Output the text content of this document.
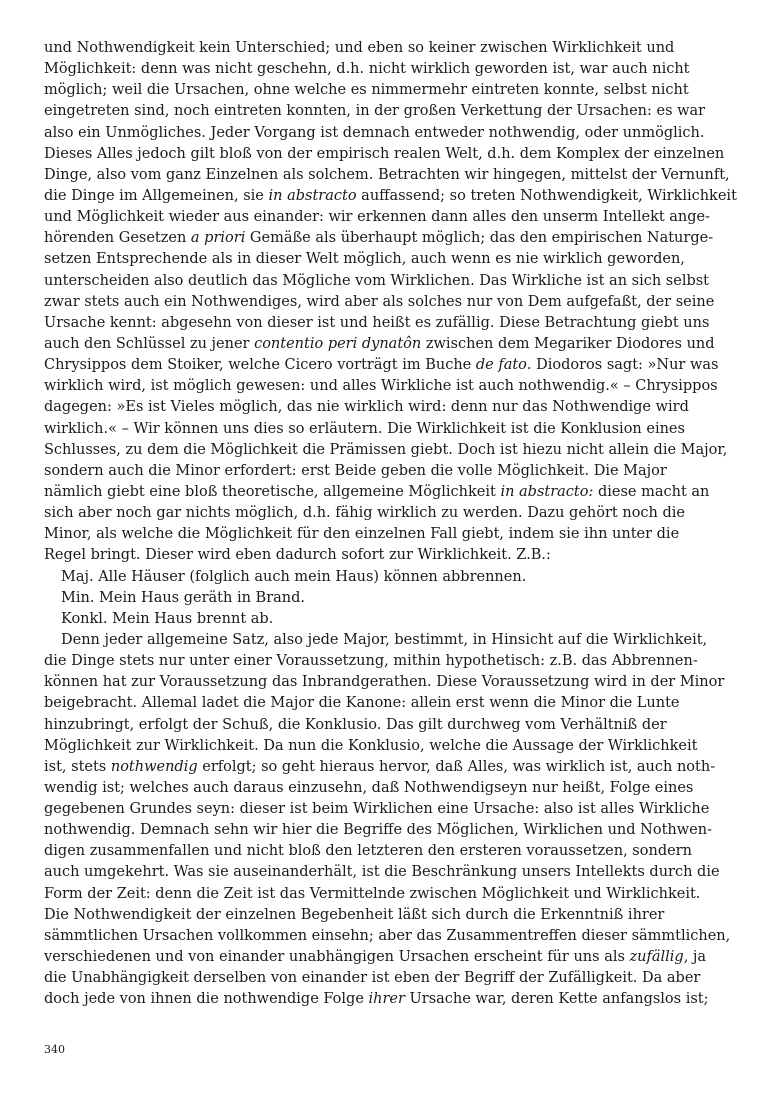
und Nothwendigkeit kein Unterschied; und eben so keiner zwischen Wirklichkeit und
Möglichkeit: denn was nicht geschehn, d.h. nicht wirklich geworden ist, war auch nicht
möglich; weil die Ursachen, ohne welche es nimmermehr eintreten konnte, selbst nicht
eingetreten sind, noch eintreten konnten, in der großen Verkettung der Ursachen: es war
also ein Unmögliches. Jeder Vorgang ist demnach entweder nothwendig, oder unmöglich.
Dieses Alles jedoch gilt bloß von der empirisch realen Welt, d.h. dem Komplex der einzelnen
Dinge, also vom ganz Einzelnen als solchem. Betrachten wir hingegen, mittelst der Vernunft,
die Dinge im Allgemeinen, sie in abstracto auffassend; so treten Nothwendigkeit, Wirklichkeit
und Möglichkeit wieder aus einander: wir erkennen dann alles den unserm Intellekt ange-
hörenden Gesetzen a priori Gemäße als überhaupt möglich; das den empirischen Naturge-
setzen Entsprechende als in dieser Welt möglich, auch wenn es nie wirklich geworden,
unterscheiden also deutlich das Mögliche vom Wirklichen. Das Wirkliche ist an sich selbst
zwar stets auch ein Nothwendiges, wird aber als solches nur von Dem aufgefaßt, der seine
Ursache kennt: abgesehn von dieser ist und heißt es zufällig. Diese Betrachtung giebt uns
auch den Schlüssel zu jener contentio peri dynatôn zwischen dem Megariker Diodores und
Chrysippos dem Stoiker, welche Cicero vorträgt im Buche de fato. Diodoros sagt: »Nur was
wirklich wird, ist möglich gewesen: und alles Wirkliche ist auch nothwendig.« – Chrysippos
dagegen: »Es ist Vieles möglich, das nie wirklich wird: denn nur das Nothwendige wird
wirklich.« – Wir können uns dies so erläutern. Die Wirklichkeit ist die Konklusion eines
Schlusses, zu dem die Möglichkeit die Prämissen giebt. Doch ist hiezu nicht allein die Major,
sondern auch die Minor erfordert: erst Beide geben die volle Möglichkeit. Die Major
nämlich giebt eine bloß theoretische, allgemeine Möglichkeit in abstracto: diese macht an
sich aber noch gar nichts möglich, d.h. fähig wirklich zu werden. Dazu gehört noch die
Minor, als welche die Möglichkeit für den einzelnen Fall giebt, indem sie ihn unter die
Regel bringt. Dieser wird eben dadurch sofort zur Wirklichkeit. Z.B.:
Maj. Alle Häuser (folglich auch mein Haus) können abbrennen.
Min. Mein Haus geräth in Brand.
Konkl. Mein Haus brennt ab.
Denn jeder allgemeine Satz, also jede Major, bestimmt, in Hinsicht auf die Wirklichkeit,
die Dinge stets nur unter einer Voraussetzung, mithin hypothetisch: z.B. das Abbrennen-
können hat zur Voraussetzung das Inbrandgerathen. Diese Voraussetzung wird in der Minor
beigebracht. Allemal ladet die Major die Kanone: allein erst wenn die Minor die Lunte
hinzubringt, erfolgt der Schuß, die Konklusio. Das gilt durchweg vom Verhältniß der
Möglichkeit zur Wirklichkeit. Da nun die Konklusio, welche die Aussage der Wirklichkeit
ist, stets nothwendig erfolgt; so geht hieraus hervor, daß Alles, was wirklich ist, auch noth-
wendig ist; welches auch daraus einzusehn, daß Nothwendigseyn nur heißt, Folge eines
gegebenen Grundes seyn: dieser ist beim Wirklichen eine Ursache: also ist alles Wirkliche
nothwendig. Demnach sehn wir hier die Begriffe des Möglichen, Wirklichen und Nothwen-
digen zusammenfallen und nicht bloß den letzteren den ersteren voraussetzen, sondern
auch umgekehrt. Was sie auseinanderhält, ist die Beschränkung unsers Intellekts durch die
Form der Zeit: denn die Zeit ist das Vermittelnde zwischen Möglichkeit und Wirklichkeit.
Die Nothwendigkeit der einzelnen Begebenheit läßt sich durch die Erkenntniß ihrer
sämmtlichen Ursachen vollkommen einsehn; aber das Zusammentreffen dieser sämmtlichen,
verschiedenen und von einander unabhängigen Ursachen erscheint für uns als zufällig, ja
die Unabhängigkeit derselben von einander ist eben der Begriff der Zufälligkeit. Da aber
doch jede von ihnen die nothwendige Folge ihrer Ursache war, deren Kette anfangslos ist;
340
